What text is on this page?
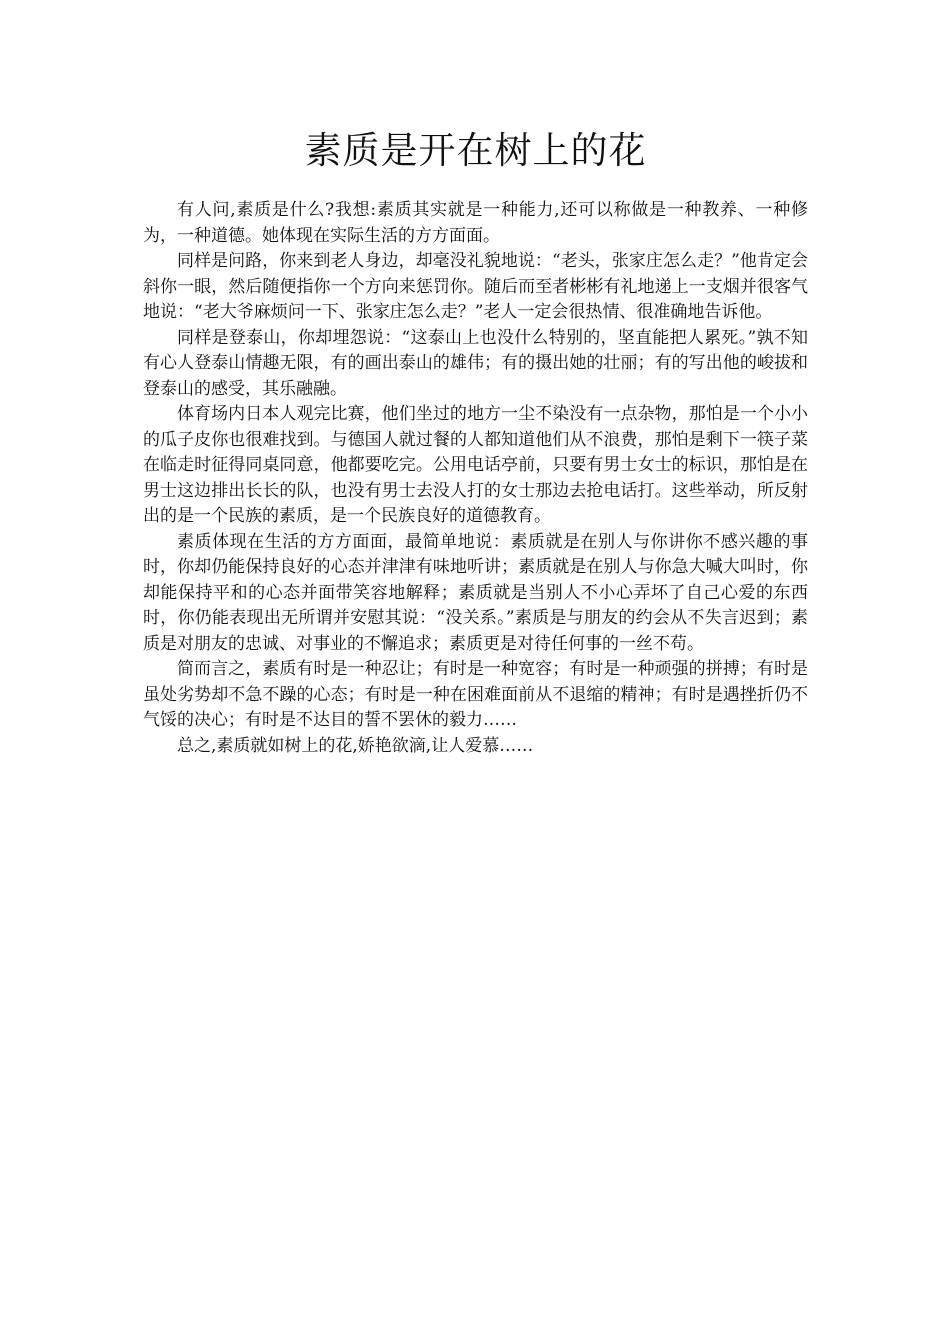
素质是开在树上的花

有人问,素质是什么?我想:素质其实就是一种能力,还可以称做是一种教养、一种修为，一种道德。她体现在实际生活的方方面面。

同样是问路，你来到老人身边，却毫没礼貌地说：“老头，张家庄怎么走？”他肯定会斜你一眼，然后随便指你一个方向来惩罚你。随后而至者彬彬有礼地递上一支烟并很客气地说：“老大爷麻烦问一下、张家庄怎么走？”老人一定会很热情、很准确地告诉他。

同样是登泰山，你却埋怨说：“这泰山上也没什么特别的，坚直能把人累死。”孰不知有心人登泰山情趣无限，有的画出泰山的雄伟；有的摄出她的壮丽；有的写出他的峻拔和登泰山的感受，其乐融融。

体育场内日本人观完比赛，他们坐过的地方一尘不染没有一点杂物，那怕是一个小小的瓜子皮你也很难找到。与德国人就过餐的人都知道他们从不浪费，那怕是剩下一筷子菜在临走时征得同桌同意，他都要吃完。公用电话亭前，只要有男士女士的标识，那怕是在男士这边排出长长的队，也没有男士去没人打的女士那边去抢电话打。这些举动，所反射出的是一个民族的素质，是一个民族良好的道德教育。

素质体现在生活的方方面面，最简单地说：素质就是在别人与你讲你不感兴趣的事时，你却仍能保持良好的心态并津津有味地听讲；素质就是在别人与你急大喊大叫时，你却能保持平和的心态并面带笑容地解释；素质就是当别人不小心弄坏了自己心爱的东西时，你仍能表现出无所谓并安慰其说：“没关系。”素质是与朋友的约会从不失言迟到；素质是对朋友的忠诚、对事业的不懈追求；素质更是对待任何事的一丝不苟。

简而言之，素质有时是一种忍让；有时是一种宽容；有时是一种顽强的拼搏；有时是虽处劣势却不急不躁的心态；有时是一种在困难面前从不退缩的精神；有时是遇挫折仍不气馁的决心；有时是不达目的誓不罢休的毅力……

总之,素质就如树上的花,娇艳欲滴,让人爱慕……
